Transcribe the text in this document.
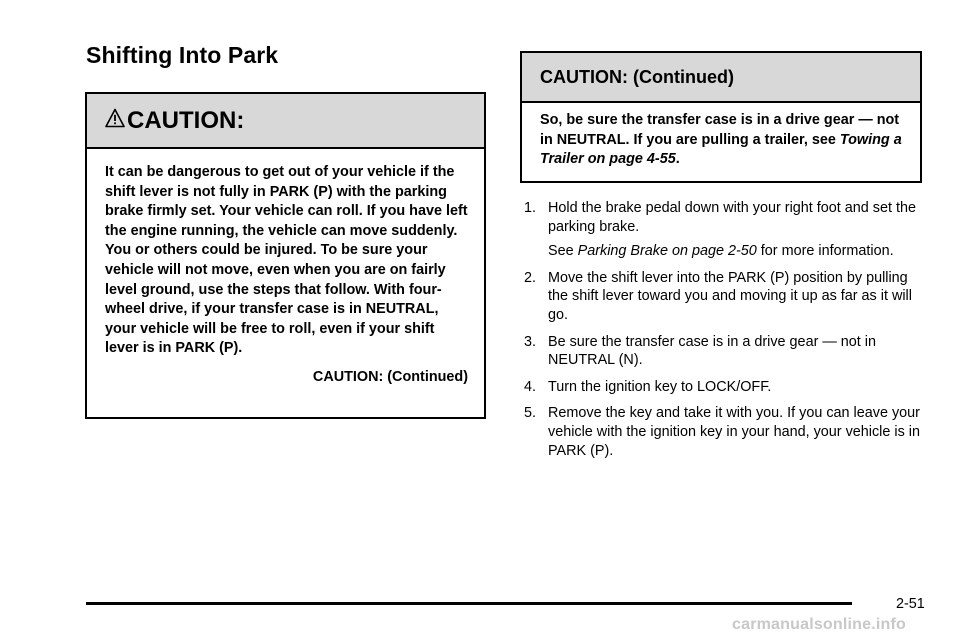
Shifting Into Park
CAUTION:

It can be dangerous to get out of your vehicle if the shift lever is not fully in PARK (P) with the parking brake firmly set. Your vehicle can roll. If you have left the engine running, the vehicle can move suddenly. You or others could be injured. To be sure your vehicle will not move, even when you are on fairly level ground, use the steps that follow. With four-wheel drive, if your transfer case is in NEUTRAL, your vehicle will be free to roll, even if your shift lever is in PARK (P).

CAUTION: (Continued)
CAUTION: (Continued)

So, be sure the transfer case is in a drive gear — not in NEUTRAL. If you are pulling a trailer, see Towing a Trailer on page 4-55.

1. Hold the brake pedal down with your right foot and set the parking brake.
See Parking Brake on page 2-50 for more information.
2. Move the shift lever into the PARK (P) position by pulling the shift lever toward you and moving it up as far as it will go.
3. Be sure the transfer case is in a drive gear — not in NEUTRAL (N).
4. Turn the ignition key to LOCK/OFF.
5. Remove the key and take it with you. If you can leave your vehicle with the ignition key in your hand, your vehicle is in PARK (P).
2-51
carmanualsonline.info
